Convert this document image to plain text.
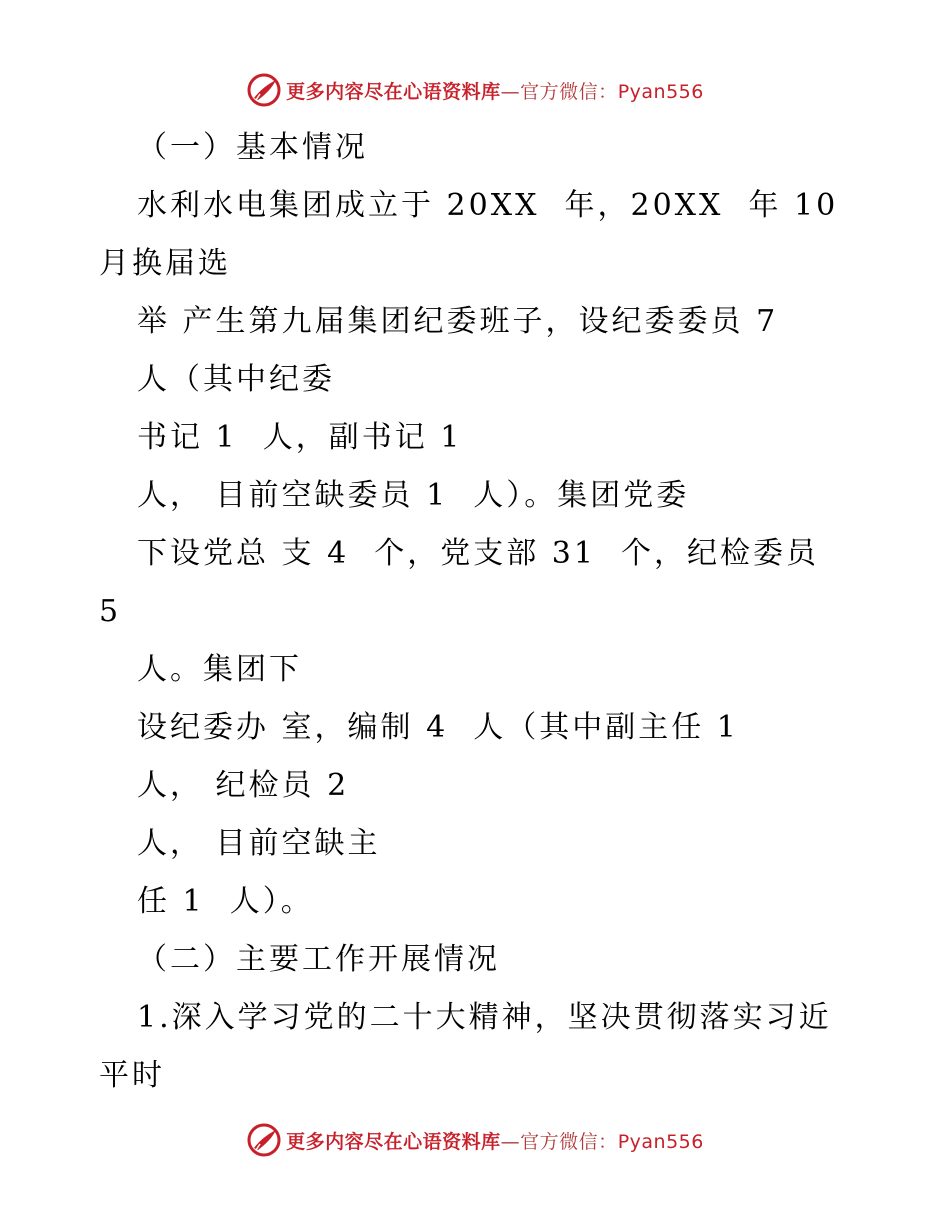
更多内容尽在心语资料库—官方微信：Pyan556
（一）基本情况
水利水电集团成立于 20XX  年，20XX  年 10
月换届选
举 产生第九届集团纪委班子，设纪委委员 7
人（其中纪委
书记 1  人，副书记 1
人， 目前空缺委员 1  人）。集团党委
下设党总 支 4  个，党支部 31  个，纪检委员
5
人。集团下
设纪委办 室，编制 4  人（其中副主任 1
人， 纪检员 2
人， 目前空缺主
任 1  人）。
（二）主要工作开展情况
1.深入学习党的二十大精神，坚决贯彻落实习近
平时
更多内容尽在心语资料库—官方微信：Pyan556
